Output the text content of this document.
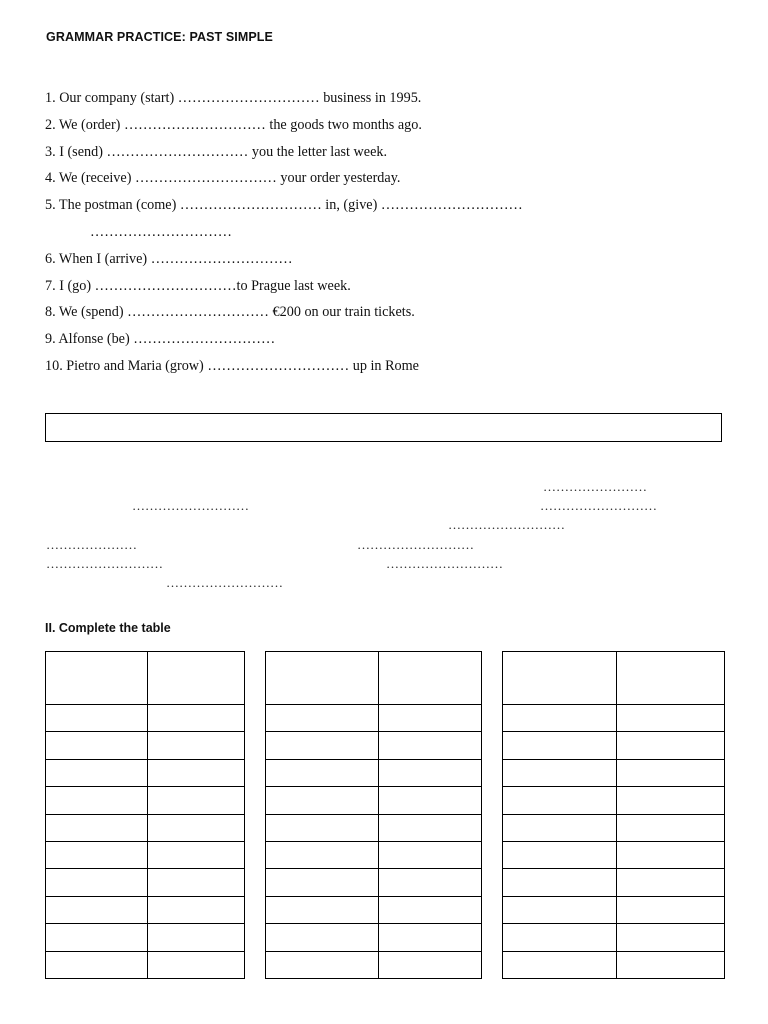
GRAMMAR PRACTICE: PAST SIMPLE
1. Our company (start) ………………………… business in 1995.
2. We (order) ………………………… the goods two months ago.
3. I (send) ………………………… you the letter last week.
4. We (receive) ………………………… your order yesterday.
5. The postman (come) ………………………… in, (give) …………………………
…………………………
6. When I (arrive) …………………………
7. I (go) …………………………to Prague last week.
8. We (spend) ………………………… €200 on our train tickets.
9. Alfonse (be) …………………………
10. Pietro and Maria (grow) ………………………… up in Rome
……………………
………………………	………………………
………………………
…………………	………………………
………………………	………………………
………………………
II. Complete the table
